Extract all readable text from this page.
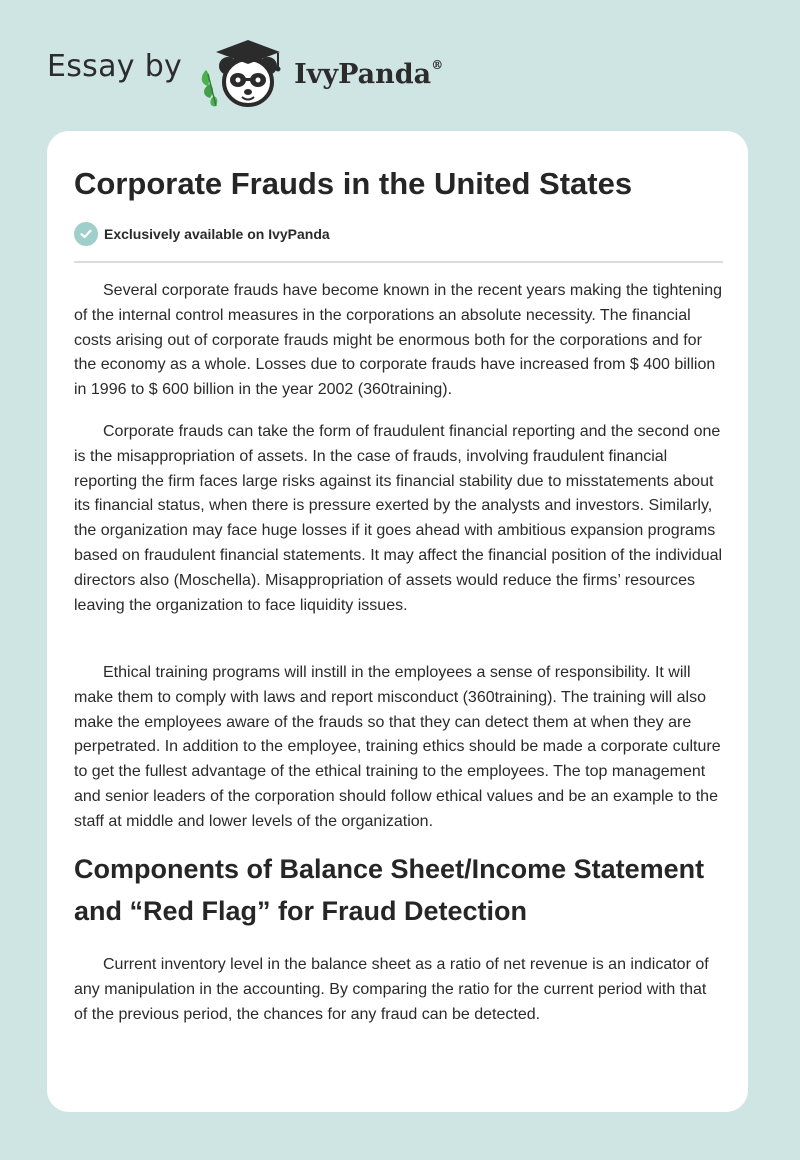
Essay by	IvyPanda®
Corporate Frauds in the United States
Exclusively available on IvyPanda

Several corporate frauds have become known in the recent years making the tightening of the internal control measures in the corporations an absolute necessity. The financial costs arising out of corporate frauds might be enormous both for the corporations and for the economy as a whole. Losses due to corporate frauds have increased from $ 400 billion in 1996 to $ 600 billion in the year 2002 (360training).

Corporate frauds can take the form of fraudulent financial reporting and the second one is the misappropriation of assets. In the case of frauds, involving fraudulent financial reporting the firm faces large risks against its financial stability due to misstatements about its financial status, when there is pressure exerted by the analysts and investors. Similarly, the organization may face huge losses if it goes ahead with ambitious expansion programs based on fraudulent financial statements. It may affect the financial position of the individual directors also (Moschella). Misappropriation of assets would reduce the firms’ resources leaving the organization to face liquidity issues.

Ethical training programs will instill in the employees a sense of responsibility. It will make them to comply with laws and report misconduct (360training). The training will also make the employees aware of the frauds so that they can detect them at when they are perpetrated. In addition to the employee, training ethics should be made a corporate culture to get the fullest advantage of the ethical training to the employees. The top management and senior leaders of the corporation should follow ethical values and be an example to the staff at middle and lower levels of the organization.

Components of Balance Sheet/Income Statement and “Red Flag” for Fraud Detection

Current inventory level in the balance sheet as a ratio of net revenue is an indicator of any manipulation in the accounting. By comparing the ratio for the current period with that of the previous period, the chances for any fraud can be detected.
